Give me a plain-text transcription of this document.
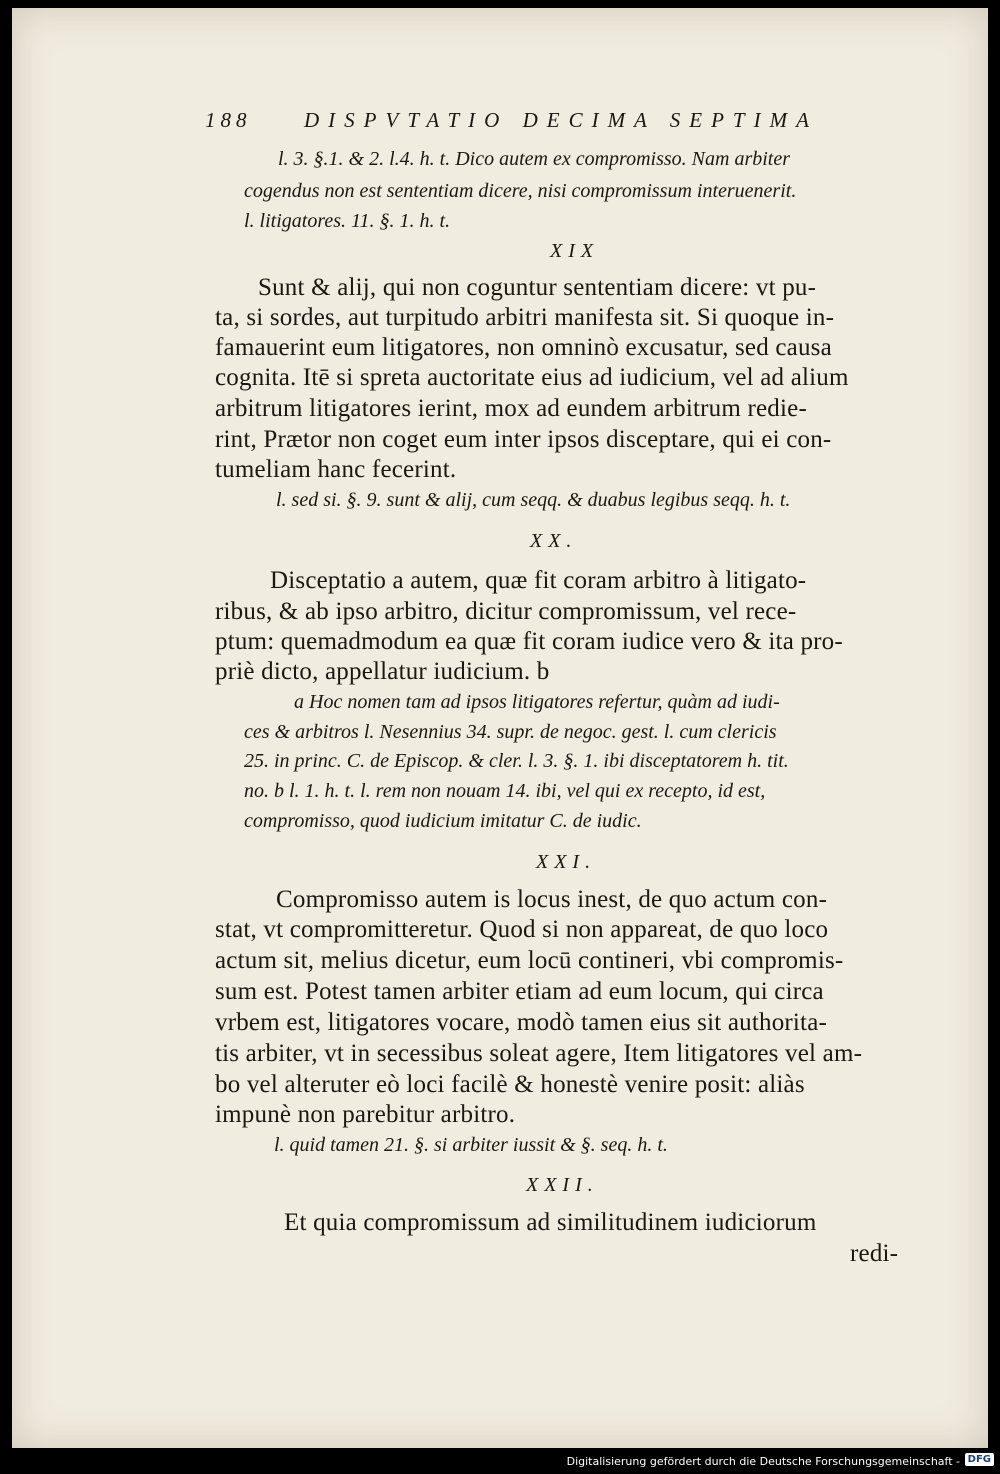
188	DISPVTATIO DECIMA SEPTIMA
l. 3. §.1. & 2. l.4. h. t. Dico autem ex compromisso. Nam arbiter
cogendus non est sententiam dicere, nisi compromissum interuenerit.
l. litigatores. 11. §. 1. h. t.
XIX
Sunt & alij, qui non coguntur sententiam dicere: vt pu-
ta, si sordes, aut turpitudo arbitri manifesta sit. Si quoque in-
famauerint eum litigatores, non omninò excusatur, sed causa
cognita. Itē si spreta auctoritate eius ad iudicium, vel ad alium
arbitrum litigatores ierint, mox ad eundem arbitrum redie-
rint, Prætor non coget eum inter ipsos disceptare, qui ei con-
tumeliam hanc fecerint.
l. sed si. §. 9. sunt & alij, cum seqq. & duabus legibus seqq. h. t.
XX.
Disceptatio a autem, quæ fit coram arbitro à litigato-
ribus, & ab ipso arbitro, dicitur compromissum, vel rece-
ptum: quemadmodum ea quæ fit coram iudice vero & ita pro-
priè dicto, appellatur iudicium. b
a Hoc nomen tam ad ipsos litigatores refertur, quàm ad iudi-
ces & arbitros l. Nesennius 34. supr. de negoc. gest. l. cum clericis
25. in princ. C. de Episcop. & cler. l. 3. §. 1. ibi disceptatorem h. tit.
no. b l. 1. h. t. l. rem non nouam 14. ibi, vel qui ex recepto, id est,
compromisso, quod iudicium imitatur C. de iudic.
XXI.
Compromisso autem is locus inest, de quo actum con-
stat, vt compromitteretur. Quod si non appareat, de quo loco
actum sit, melius dicetur, eum locū contineri, vbi compromis-
sum est. Potest tamen arbiter etiam ad eum locum, qui circa
vrbem est, litigatores vocare, modò tamen eius sit authorita-
tis arbiter, vt in secessibus soleat agere, Item litigatores vel am-
bo vel alteruter eò loci facilè & honestè venire posit: aliàs
impunè non parebitur arbitro.
l. quid tamen 21. §. si arbiter iussit & §. seq. h. t.
XXII.
Et quia compromissum ad similitudinem iudiciorum
redi-
Digitalisierung gefördert durch die Deutsche Forschungsgemeinschaft - DFG
